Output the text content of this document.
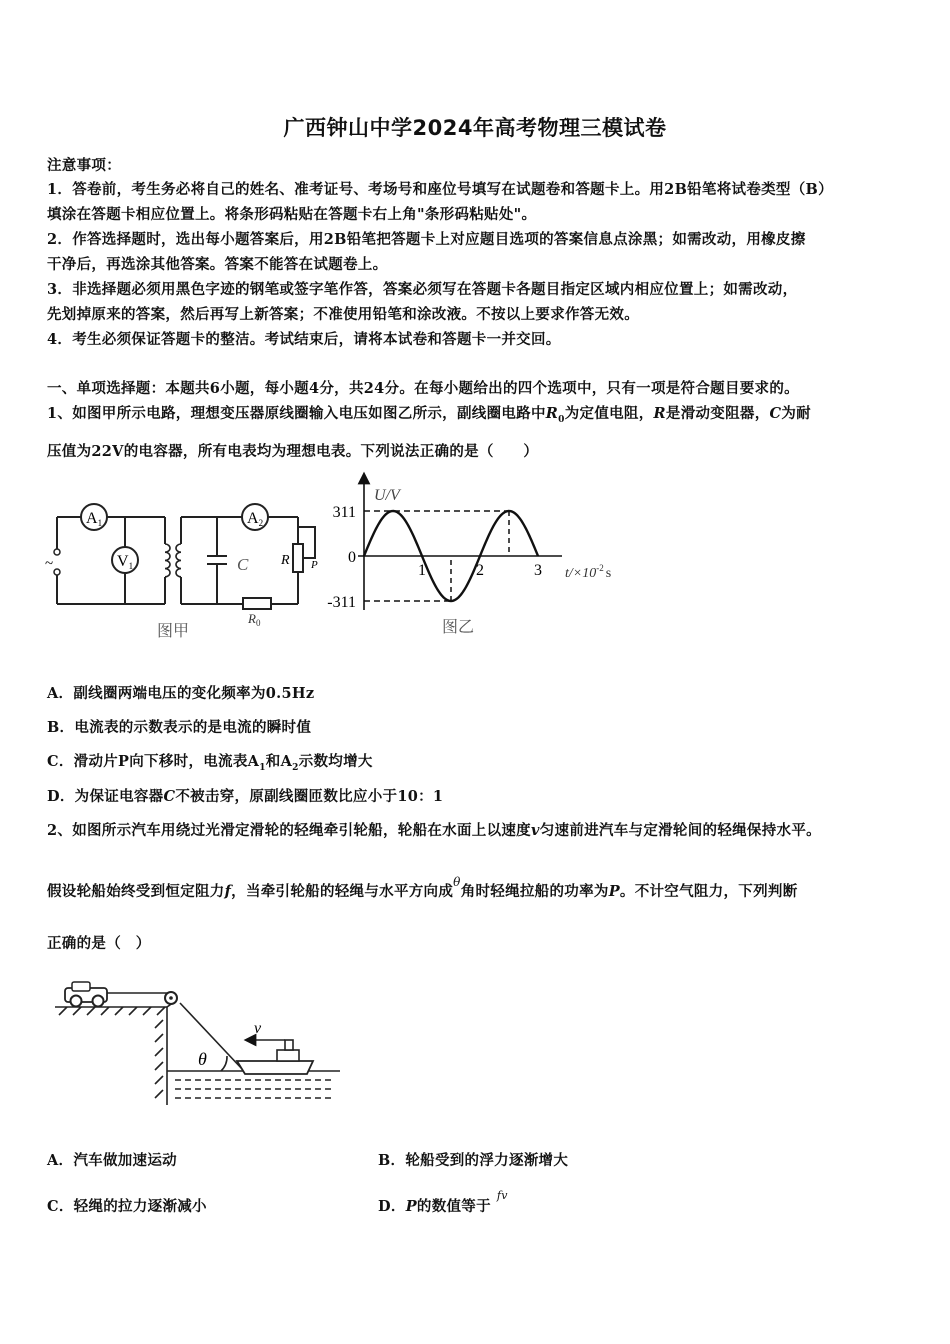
广西钟山中学2024年高考物理三模试卷
注意事项：
1．答卷前，考生务必将自己的姓名、准考证号、考场号和座位号填写在试题卷和答题卡上。用2B铅笔将试卷类型（B）
填涂在答题卡相应位置上。将条形码粘贴在答题卡右上角"条形码粘贴处"。
2．作答选择题时，选出每小题答案后，用2B铅笔把答题卡上对应题目选项的答案信息点涂黑；如需改动，用橡皮擦
干净后，再选涂其他答案。答案不能答在试题卷上。
3．非选择题必须用黑色字迹的钢笔或签字笔作答，答案必须写在答题卡各题目指定区域内相应位置上；如需改动，
先划掉原来的答案，然后再写上新答案；不准使用铅笔和涂改液。不按以上要求作答无效。
4．考生必须保证答题卡的整洁。考试结束后，请将本试卷和答题卡一并交回。
一、单项选择题：本题共6小题，每小题4分，共24分。在每小题给出的四个选项中，只有一项是符合题目要求的。
1、如图甲所示电路，理想变压器原线圈输入电压如图乙所示，副线圈电路中$R_0$为定值电阻，R是滑动变阻器，C为耐
压值为22V的电容器，所有电表均为理想电表。下列说法正确的是（　　）
~
A1
V1
A2
R P
$R_0$
C
图甲
U/V
311
0
-311
1	2	3 $t/\times 10^{-2}$ s
图乙
A．副线圈两端电压的变化频率为0.5Hz
B．电流表的示数表示的是电流的瞬时值
C．滑动片P向下移时，电流表$A_1$和$A_2$示数均增大
D．为保证电容器C不被击穿，原副线圈匝数比应小于10：1
2、如图所示汽车用绕过光滑定滑轮的轻绳牵引轮船，轮船在水面上以速度v匀速前进汽车与定滑轮间的轻绳保持水平。
假设轮船始终受到恒定阻力f，当牵引轮船的轻绳与水平方向成$^\theta$角时轻绳拉船的功率为P。不计空气阻力，下列判断
正确的是（　）
v
θ
A．汽车做加速运动	B．轮船受到的浮力逐渐增大
C．轻绳的拉力逐渐减小	D．P的数值等于$^{fv}$
